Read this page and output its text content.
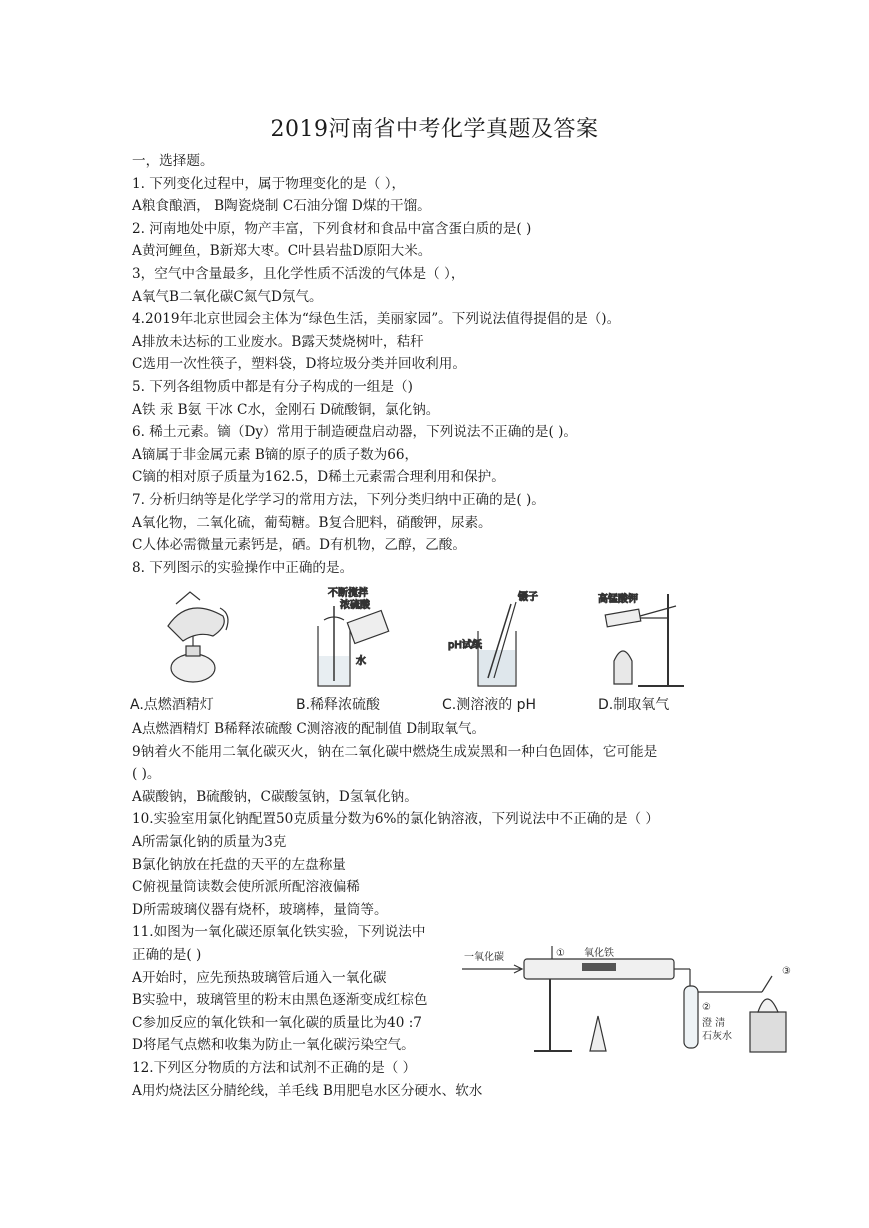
2019河南省中考化学真题及答案
一，选择题。
1. 下列变化过程中，属于物理变化的是（ ），
A粮食酿酒， B陶瓷烧制 C石油分馏 D煤的干馏。
2. 河南地处中原，物产丰富，下列食材和食品中富含蛋白质的是( )
A黄河鲤鱼，B新郑大枣。C叶县岩盐D原阳大米。
3，空气中含量最多，且化学性质不活泼的气体是（ ），
A氧气B二氧化碳C氮气D氖气。
4.2019年北京世园会主体为“绿色生活，美丽家园”。下列说法值得提倡的是（)。
A排放未达标的工业废水。B露天焚烧树叶，秸秆
C选用一次性筷子，塑料袋，D将垃圾分类并回收利用。
5. 下列各组物质中都是有分子构成的一组是（)
A铁 汞 B氨 干冰 C水，金刚石 D硫酸铜，氯化钠。
6. 稀土元素。镝（Dy）常用于制造硬盘启动器，下列说法不正确的是( )。
A镝属于非金属元素 B镝的原子的质子数为66，
C镝的相对原子质量为162.5，D稀土元素需合理利用和保护。
7. 分析归纳等是化学学习的常用方法，下列分类归纳中正确的是( )。
A氧化物，二氧化硫，葡萄糖。B复合肥料，硝酸钾，尿素。
C人体必需微量元素钙是，硒。D有机物，乙醇，乙酸。
8. 下列图示的实验操作中正确的是。
不断搅拌
浓硫酸
水
镊子
pH试纸
高锰酸钾
A.点燃酒精灯	B.稀释浓硫酸	C.测溶液的 pH	D.制取氧气
A点燃酒精灯 B稀释浓硫酸 C测溶液的配制值 D制取氧气。
9钠着火不能用二氧化碳灭火，钠在二氧化碳中燃烧生成炭黑和一种白色固体，它可能是
( )。
A碳酸钠，B硫酸钠，C碳酸氢钠，D氢氧化钠。
10.实验室用氯化钠配置50克质量分数为6%的氯化钠溶液，下列说法中不正确的是（ ）
A所需氯化钠的质量为3克
B氯化钠放在托盘的天平的左盘称量
C俯视量筒读数会使所派所配溶液偏稀
D所需玻璃仪器有烧杯，玻璃棒，量筒等。
11.如图为一氧化碳还原氧化铁实验，下列说法中
正确的是( )
A开始时，应先预热玻璃管后通入一氧化碳
B实验中，玻璃管里的粉末由黑色逐渐变成红棕色
C参加反应的氧化铁和一氧化碳的质量比为40 :7
D将尾气点燃和收集为防止一氧化碳污染空气。
12.下列区分物质的方法和试剂不正确的是（ ）
A用灼烧法区分腈纶线，羊毛线 B用肥皂水区分硬水、软水
一氧化碳	氧化铁
①
②
③
澄 清
石灰水
